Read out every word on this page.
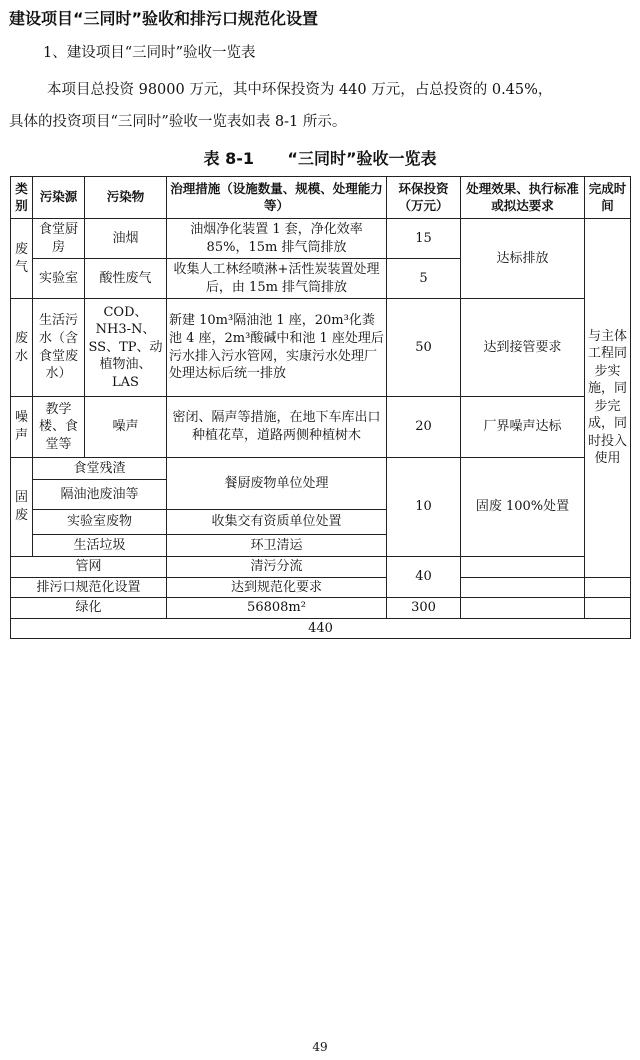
建设项目“三同时”验收和排污口规范化设置
1、建设项目“三同时”验收一览表
本项目总投资 98000 万元，其中环保投资为 440 万元，占总投资的 0.45%，
具体的投资项目“三同时”验收一览表如表 8-1 所示。
表 8-1      “三同时”验收一览表
类别	污染源	污染物	治理措施（设施数量、规模、处理能力等）	环保投资（万元）	处理效果、执行标准或拟达要求	完成时间
废气	食堂厨房	油烟	油烟净化装置 1 套，净化效率 85%，15m 排气筒排放	15	达标排放	与主体工程同步实施，同步完成，同时投入使用
	实验室	酸性废气	收集人工林经喷淋+活性炭装置处理后，由 15m 排气筒排放	5		
废水	生活污水（含食堂废水）	COD、NH3-N、SS、TP、动植物油、LAS	新建 10m³隔油池 1 座，20m³化粪池 4 座，2m³酸碱中和池 1 座处理后污水排入污水管网，实康污水处理厂处理达标后统一排放	50	达到接管要求	
噪声	教学楼、食堂等	噪声	密闭、隔声等措施，在地下车库出口种植花草，道路两侧种植树木	20	厂界噪声达标	
固废	食堂残渣		餐厨废物单位处理	10	固废 100%处置	
	隔油池废油等					
	实验室废物		收集交有资质单位处置			
	生活垃圾		环卫清运			
管网			清污分流	40		
排污口规范化设置			达到规范化要求			
绿化			56808m²	300		
440						
49
